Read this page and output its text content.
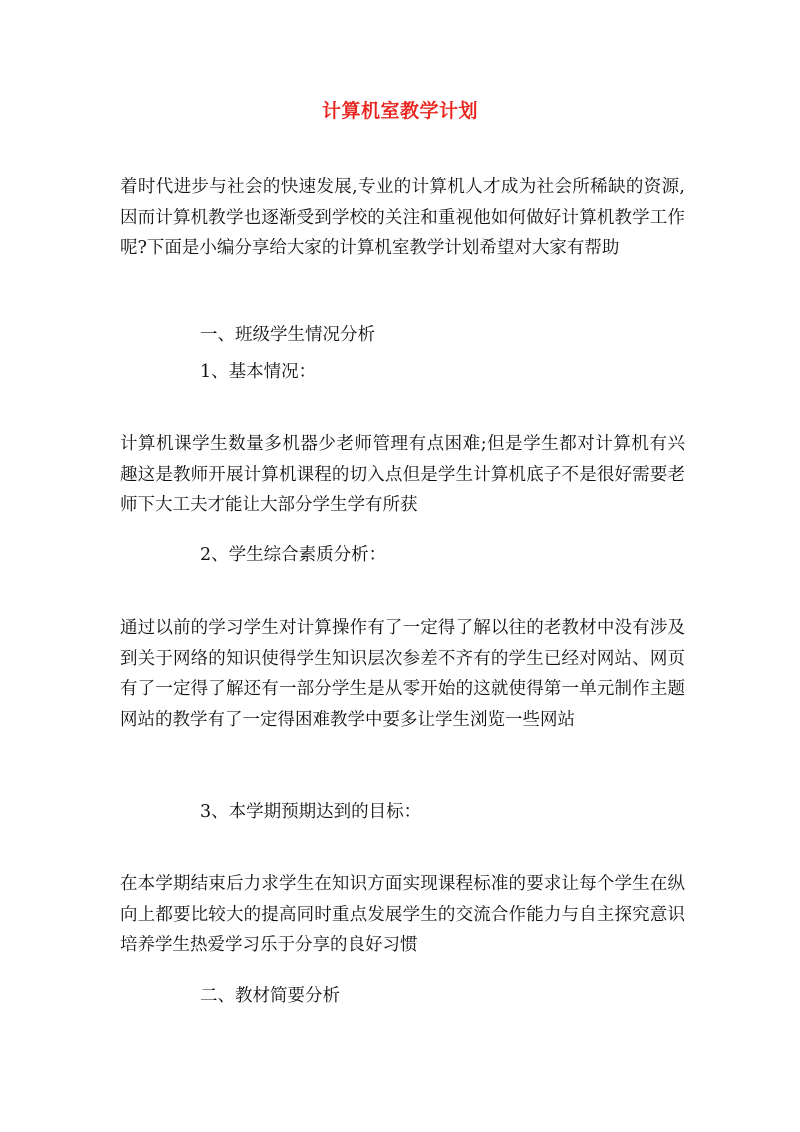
计算机室教学计划
着时代进步与社会的快速发展,专业的计算机人才成为社会所稀缺的资源,因而计算机教学也逐渐受到学校的关注和重视他如何做好计算机教学工作呢?下面是小编分享给大家的计算机室教学计划希望对大家有帮助
一、班级学生情况分析
1、基本情况：
计算机课学生数量多机器少老师管理有点困难;但是学生都对计算机有兴趣这是教师开展计算机课程的切入点但是学生计算机底子不是很好需要老师下大工夫才能让大部分学生学有所获
2、学生综合素质分析：
通过以前的学习学生对计算操作有了一定得了解以往的老教材中没有涉及到关于网络的知识使得学生知识层次参差不齐有的学生已经对网站、网页有了一定得了解还有一部分学生是从零开始的这就使得第一单元制作主题网站的教学有了一定得困难教学中要多让学生浏览一些网站
3、本学期预期达到的目标：
在本学期结束后力求学生在知识方面实现课程标准的要求让每个学生在纵向上都要比较大的提高同时重点发展学生的交流合作能力与自主探究意识培养学生热爱学习乐于分享的良好习惯
二、教材简要分析
